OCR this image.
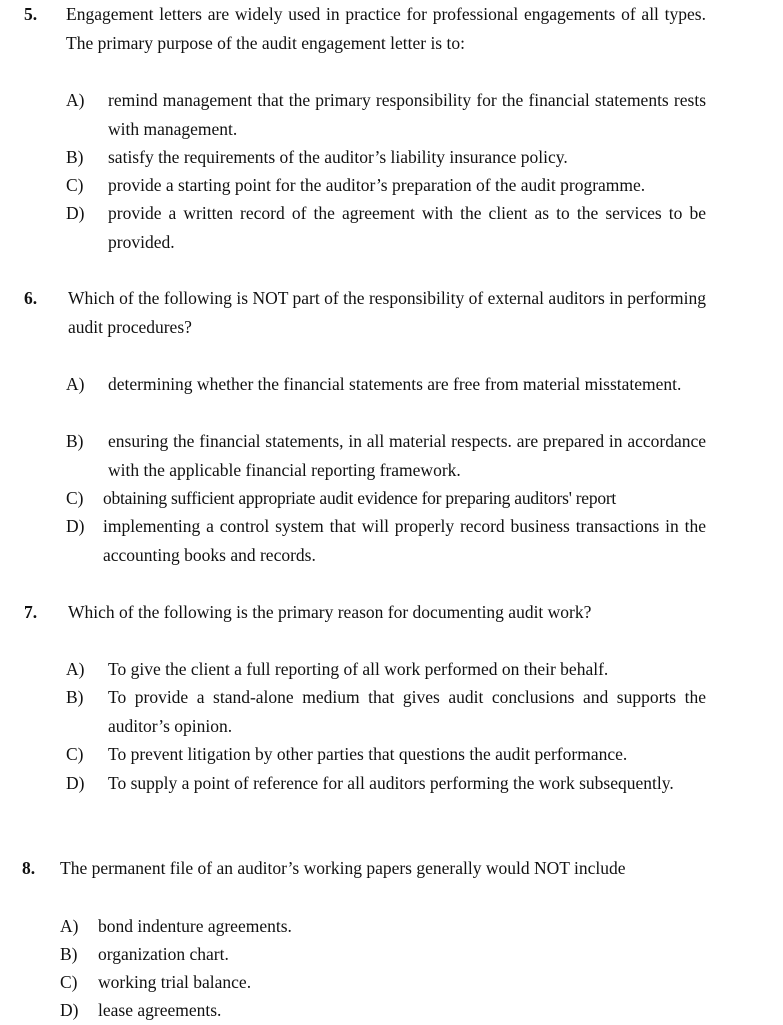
5. Engagement letters are widely used in practice for professional engagements of all types. The primary purpose of the audit engagement letter is to:
A) remind management that the primary responsibility for the financial statements rests with management.
B) satisfy the requirements of the auditor’s liability insurance policy.
C) provide a starting point for the auditor’s preparation of the audit programme.
D) provide a written record of the agreement with the client as to the services to be provided.
6. Which of the following is NOT part of the responsibility of external auditors in performing audit procedures?
A) determining whether the financial statements are free from material misstatement.
B) ensuring the financial statements, in all material respects. are prepared in accordance with the applicable financial reporting framework.
C) obtaining sufficient appropriate audit evidence for preparing auditors' report
D) implementing a control system that will properly record business transactions in the accounting books and records.
7. Which of the following is the primary reason for documenting audit work?
A) To give the client a full reporting of all work performed on their behalf.
B) To provide a stand-alone medium that gives audit conclusions and supports the auditor’s opinion.
C) To prevent litigation by other parties that questions the audit performance.
D) To supply a point of reference for all auditors performing the work subsequently.
8. The permanent file of an auditor’s working papers generally would NOT include
A) bond indenture agreements.
B) organization chart.
C) working trial balance.
D) lease agreements.
